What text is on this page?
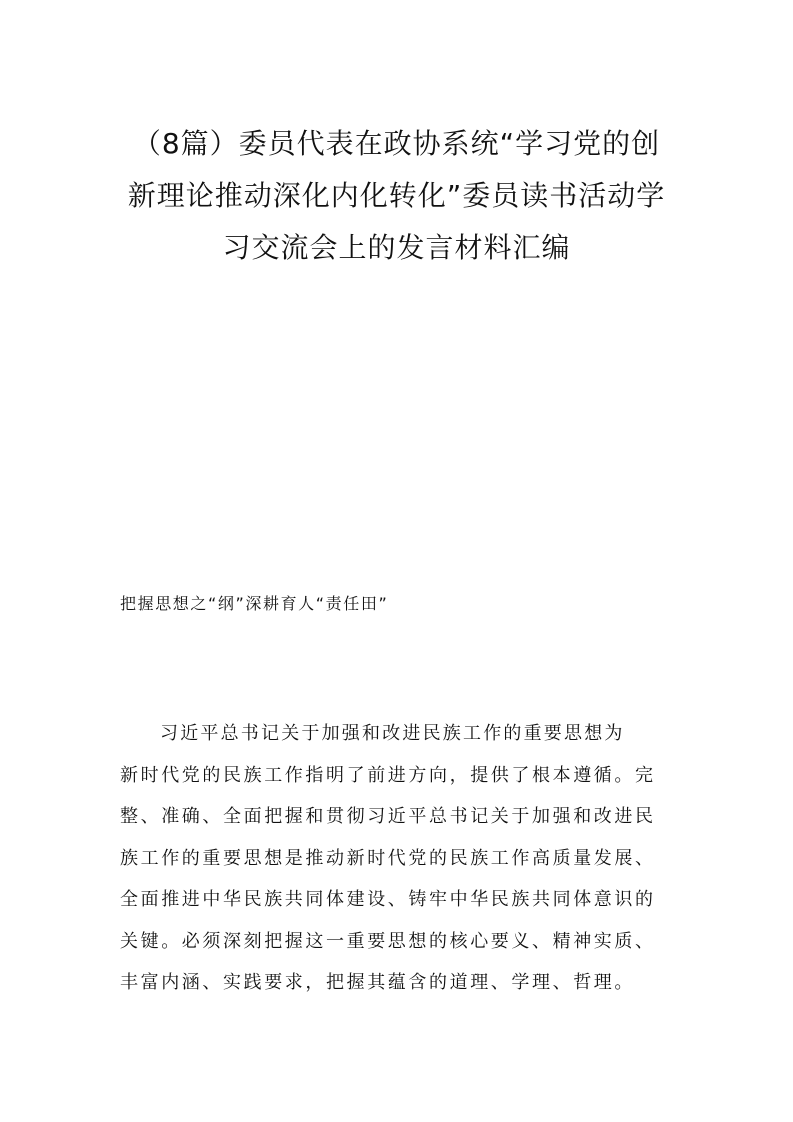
（8篇）委员代表在政协系统“学习党的创
新理论推动深化内化转化”委员读书活动学
习交流会上的发言材料汇编

把握思想之“纲”深耕育人“责任田”

习近平总书记关于加强和改进民族工作的重要思想为
新时代党的民族工作指明了前进方向，提供了根本遵循。完
整、准确、全面把握和贯彻习近平总书记关于加强和改进民
族工作的重要思想是推动新时代党的民族工作高质量发展、
全面推进中华民族共同体建设、铸牢中华民族共同体意识的
关键。必须深刻把握这一重要思想的核心要义、精神实质、
丰富内涵、实践要求，把握其蕴含的道理、学理、哲理。
